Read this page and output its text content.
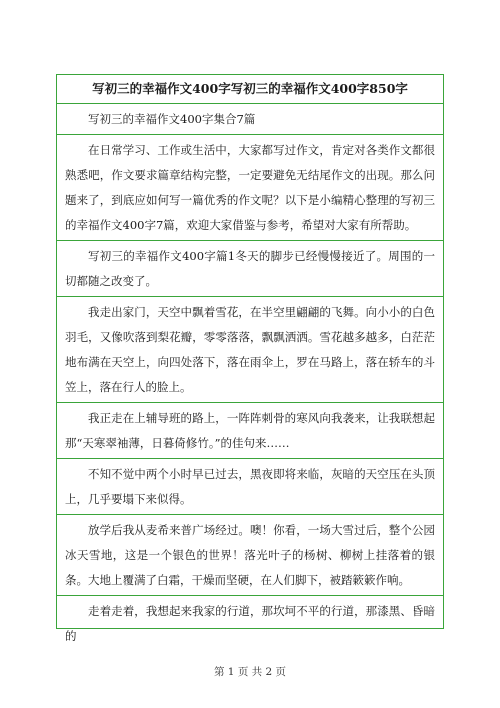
写初三的幸福作文400字写初三的幸福作文400字850字
写初三的幸福作文400字集合7篇
在日常学习、工作或生活中，大家都写过作文，肯定对各类作文都很熟悉吧，作文要求篇章结构完整，一定要避免无结尾作文的出现。那么问题来了，到底应如何写一篇优秀的作文呢？以下是小编精心整理的写初三的幸福作文400字7篇，欢迎大家借鉴与参考，希望对大家有所帮助。
写初三的幸福作文400字篇1冬天的脚步已经慢慢接近了。周围的一切都随之改变了。
我走出家门，天空中飘着雪花，在半空里翩翩的飞舞。向小小的白色羽毛，又像吹落到梨花瓣，零零落落，飘飘洒洒。雪花越多越多，白茫茫地布满在天空上，向四处落下，落在雨伞上，罗在马路上，落在轿车的斗笠上，落在行人的脸上。
我正走在上辅导班的路上，一阵阵刺骨的寒风向我袭来，让我联想起那“天寒翠袖薄，日暮倚修竹。”的佳句来……
不知不觉中两个小时早已过去，黑夜即将来临，灰暗的天空压在头顶上，几乎要塌下来似得。
放学后我从麦希来普广场经过。噢！你看，一场大雪过后，整个公园冰天雪地，这是一个银色的世界！落光叶子的杨树、柳树上挂落着的银条。大地上覆满了白霜，干燥而坚硬，在人们脚下，被踏簌簌作响。
走着走着，我想起来我家的行道，那坎坷不平的行道，那漆黑、昏暗的
第 1 页 共 2 页
